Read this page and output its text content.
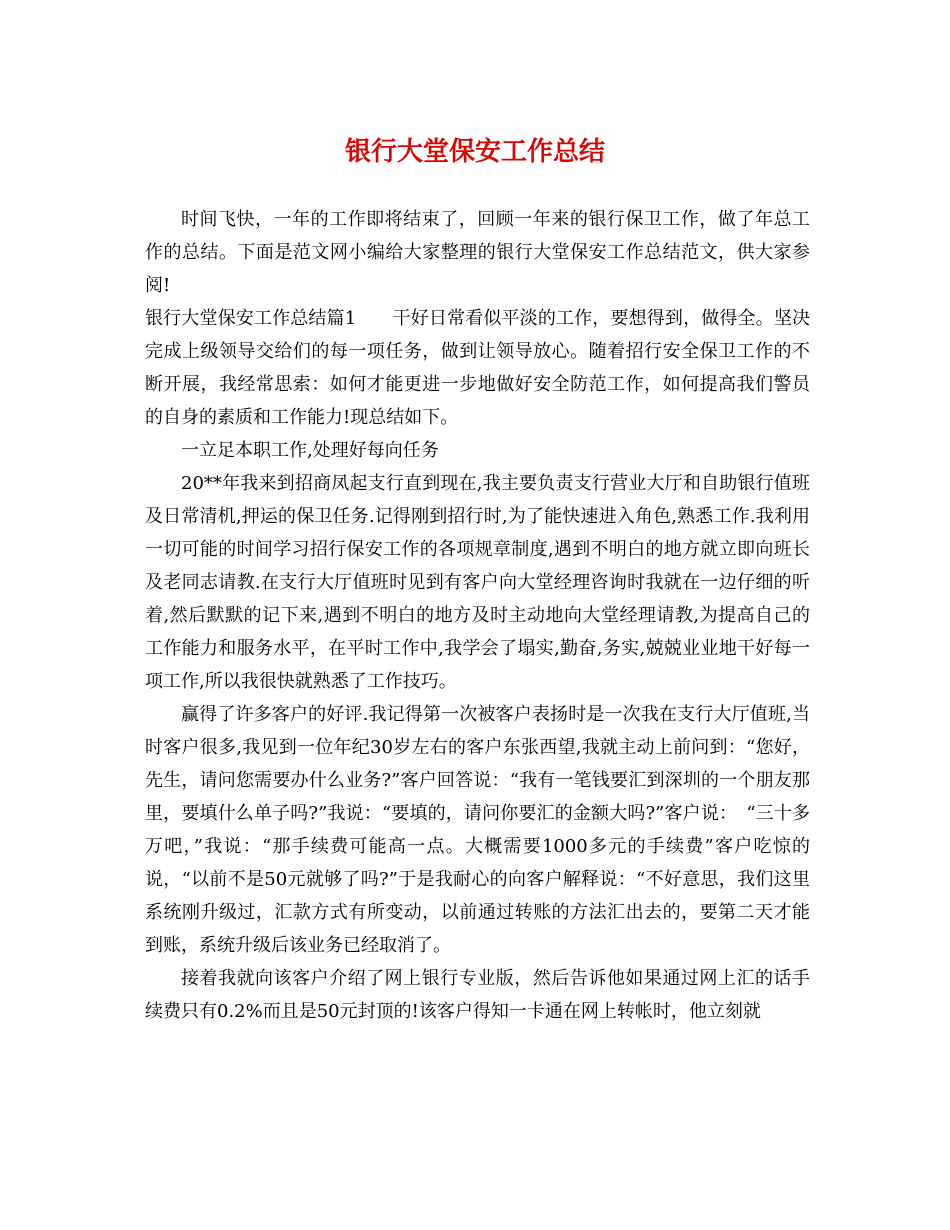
银行大堂保安工作总结

时间飞快，一年的工作即将结束了，回顾一年来的银行保卫工作，做了年总工作的总结。下面是范文网小编给大家整理的银行大堂保安工作总结范文，供大家参阅!

银行大堂保安工作总结篇1　　干好日常看似平淡的工作，要想得到，做得全。坚决完成上级领导交给们的每一项任务，做到让领导放心。随着招行安全保卫工作的不断开展，我经常思索：如何才能更进一步地做好安全防范工作，如何提高我们警员的自身的素质和工作能力!现总结如下。

一立足本职工作,处理好每向任务

20**年我来到招商凤起支行直到现在,我主要负责支行营业大厅和自助银行值班及日常清机,押运的保卫任务.记得刚到招行时,为了能快速进入角色,熟悉工作.我利用一切可能的时间学习招行保安工作的各项规章制度,遇到不明白的地方就立即向班长及老同志请教.在支行大厅值班时见到有客户向大堂经理咨询时我就在一边仔细的听着,然后默默的记下来,遇到不明白的地方及时主动地向大堂经理请教,为提高自己的工作能力和服务水平，在平时工作中,我学会了塌实,勤奋,务实,兢兢业业地干好每一项工作,所以我很快就熟悉了工作技巧。

赢得了许多客户的好评.我记得第一次被客户表扬时是一次我在支行大厅值班,当时客户很多,我见到一位年纪30岁左右的客户东张西望,我就主动上前问到：“您好，先生，请问您需要办什么业务?”客户回答说：“我有一笔钱要汇到深圳的一个朋友那里，要填什么单子吗?”我说：“要填的，请问你要汇的金额大吗?”客户说：　“三十多万吧，”我说：“那手续费可能高一点。大概需要1000多元的手续费”客户吃惊的说，“以前不是50元就够了吗?”于是我耐心的向客户解释说：“不好意思，我们这里系统刚升级过，汇款方式有所变动，以前通过转账的方法汇出去的，要第二天才能到账，系统升级后该业务已经取消了。

接着我就向该客户介绍了网上银行专业版，然后告诉他如果通过网上汇的话手续费只有0.2%而且是50元封顶的!该客户得知一卡通在网上转帐时，他立刻就
